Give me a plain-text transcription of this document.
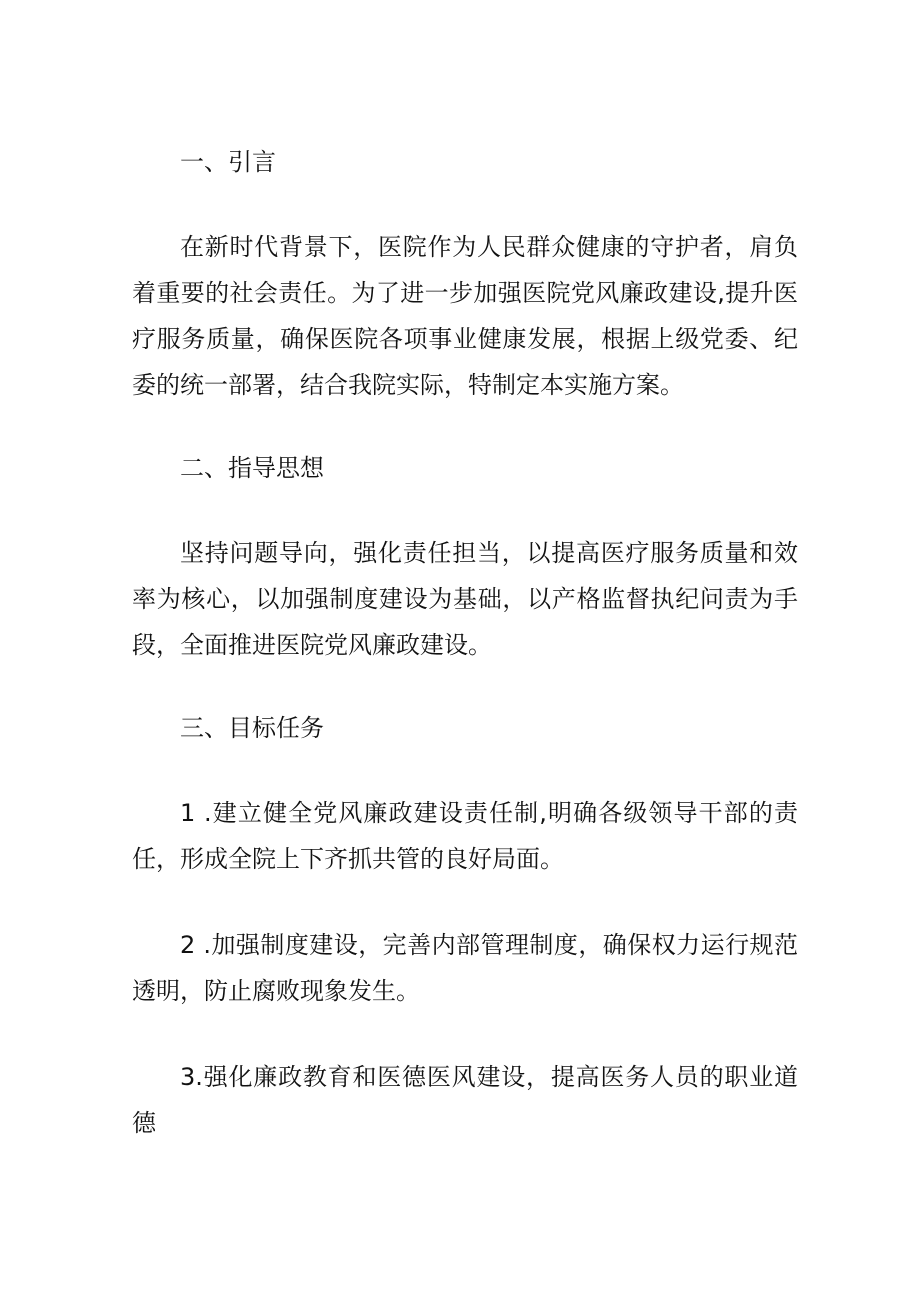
一、引言

在新时代背景下，医院作为人民群众健康的守护者，肩负着重要的社会责任。为了进一步加强医院党风廉政建设,提升医疗服务质量，确保医院各项事业健康发展，根据上级党委、纪委的统一部署，结合我院实际，特制定本实施方案。

二、指导思想

坚持问题导向，强化责任担当，以提高医疗服务质量和效率为核心，以加强制度建设为基础，以产格监督执纪问责为手段，全面推进医院党风廉政建设。

三、目标任务

1 .建立健全党风廉政建设责任制,明确各级领导干部的责任，形成全院上下齐抓共管的良好局面。

2 .加强制度建设，完善内部管理制度，确保权力运行规范透明，防止腐败现象发生。

3.强化廉政教育和医德医风建设，提高医务人员的职业道德
